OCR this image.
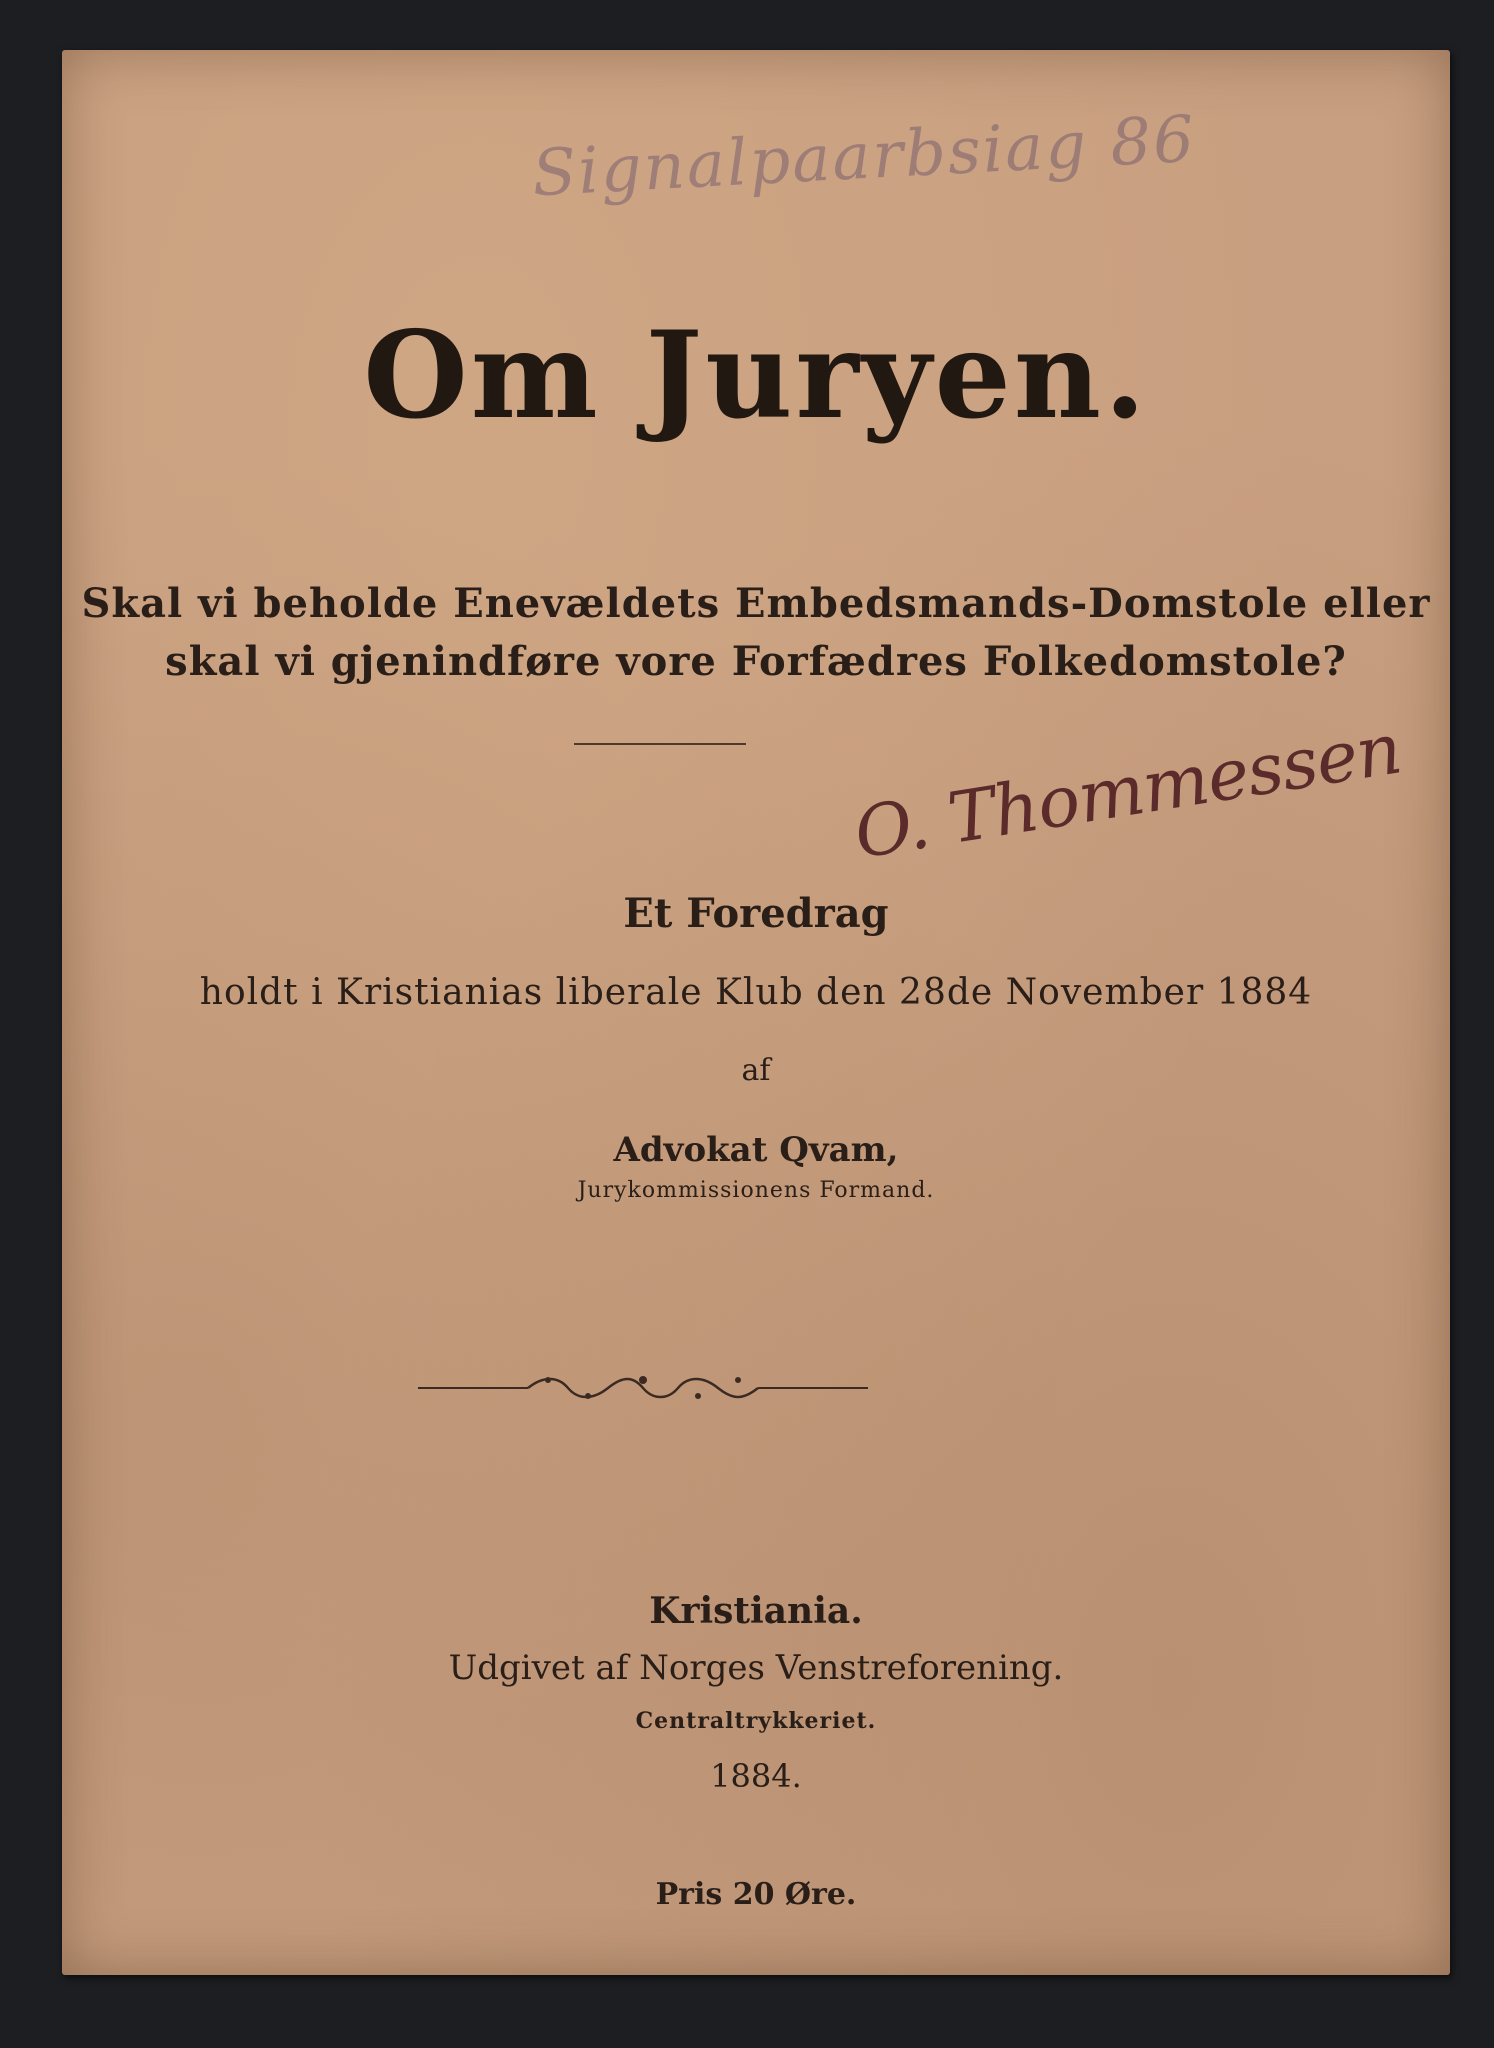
Signalpaarbsiag 86
Om Juryen.
Skal vi beholde Enevældets Embedsmands-Domstole eller
skal vi gjenindføre vore Forfædres Folkedomstole?
O. Thommessen
Et Foredrag
holdt i Kristianias liberale Klub den 28de November 1884
af
Advokat Qvam,
Jurykommissionens Formand.
Kristiania.
Udgivet af Norges Venstreforening.
Centraltrykkeriet.
1884.
Pris 20 Øre.
